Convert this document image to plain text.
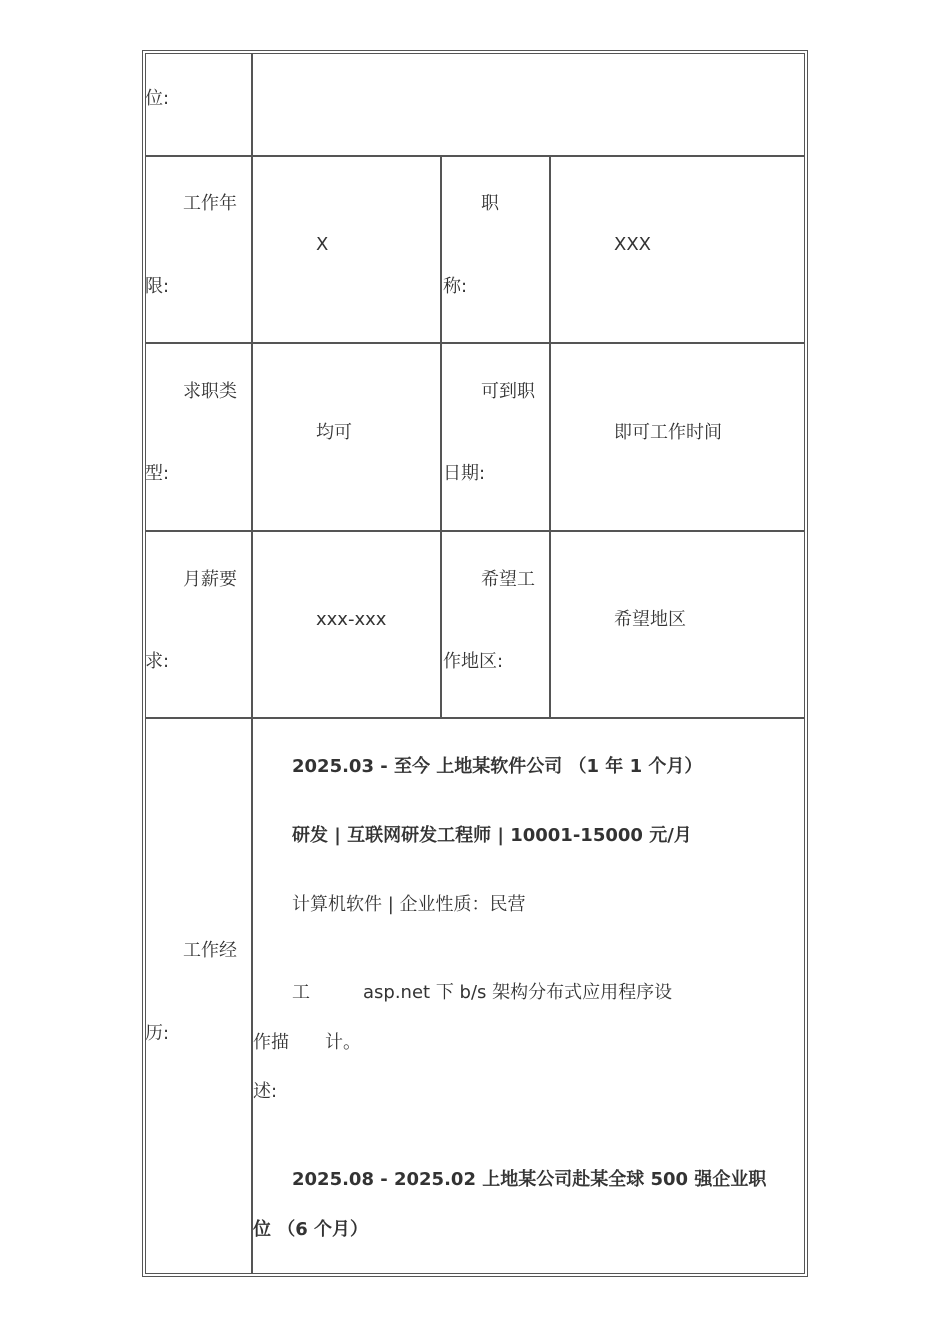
位:
工作年
限:
X
职
称:
XXX
求职类
型:
均可
可到职
日期:
即可工作时间
月薪要
求:
xxx-xxx
希望工
作地区:
希望地区
工作经
历:
2025.03 - 至今 上地某软件公司 （1 年 1 个月）
研发 | 互联网研发工程师 | 10001-15000 元/月
计算机软件 | 企业性质：民营
工	asp.net 下 b/s 架构分布式应用程序设
作描 计。
述:
2025.08 - 2025.02 上地某公司赴某全球 500 强企业职
位 （6 个月）
